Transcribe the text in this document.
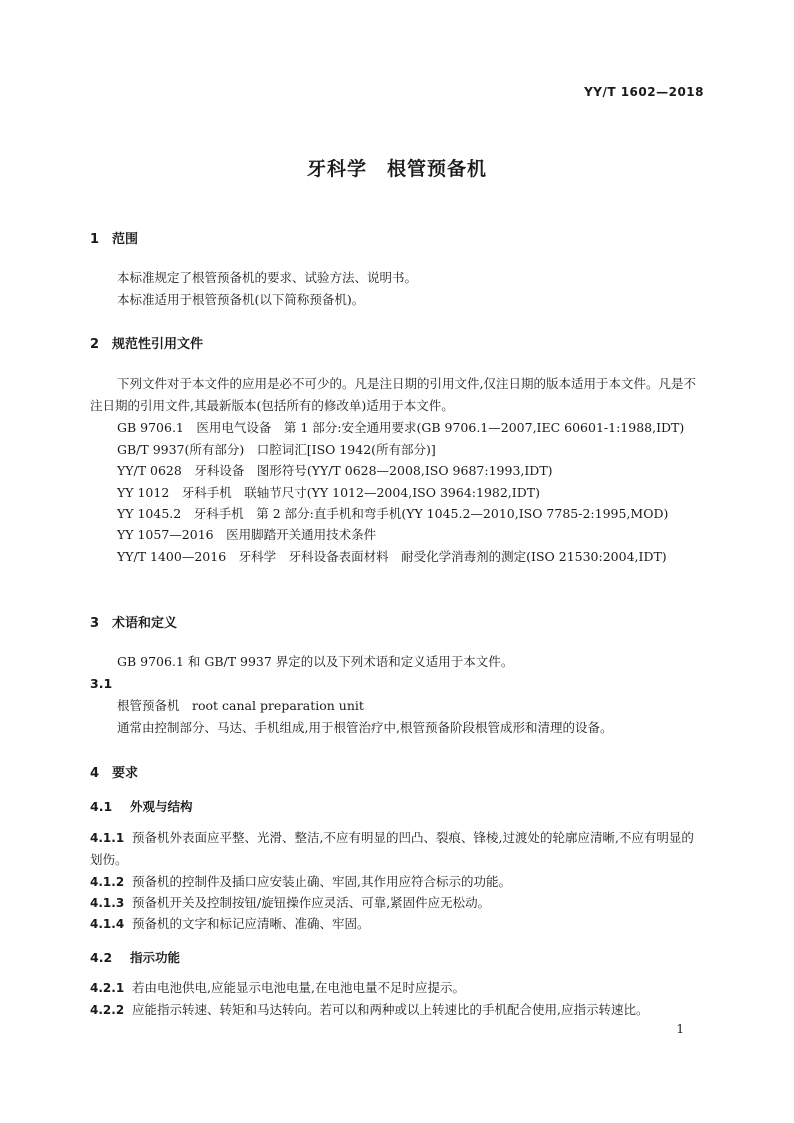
YY/T 1602—2018
牙科学　根管预备机
1 范围
本标准规定了根管预备机的要求、试验方法、说明书。
本标准适用于根管预备机(以下简称预备机)。
2 规范性引用文件
下列文件对于本文件的应用是必不可少的。凡是注日期的引用文件,仅注日期的版本适用于本文件。凡是不注日期的引用文件,其最新版本(包括所有的修改单)适用于本文件。
GB 9706.1　医用电气设备　第 1 部分:安全通用要求(GB 9706.1—2007,IEC 60601-1:1988,IDT)
GB/T 9937(所有部分)　口腔词汇[ISO 1942(所有部分)]
YY/T 0628　牙科设备　图形符号(YY/T 0628—2008,ISO 9687:1993,IDT)
YY 1012　牙科手机　联轴节尺寸(YY 1012—2004,ISO 3964:1982,IDT)
YY 1045.2　牙科手机　第 2 部分:直手机和弯手机(YY 1045.2—2010,ISO 7785-2:1995,MOD)
YY 1057—2016　医用脚踏开关通用技术条件
YY/T 1400—2016　牙科学　牙科设备表面材料　耐受化学消毒剂的测定(ISO 21530:2004,IDT)
3 术语和定义
GB 9706.1 和 GB/T 9937 界定的以及下列术语和定义适用于本文件。
3.1
根管预备机　root canal preparation unit
通常由控制部分、马达、手机组成,用于根管治疗中,根管预备阶段根管成形和清理的设备。
4 要求
4.1 外观与结构
4.1.1 预备机外表面应平整、光滑、整洁,不应有明显的凹凸、裂痕、锋棱,过渡处的轮廓应清晰,不应有明显的划伤。
4.1.2 预备机的控制件及插口应安装止确、牢固,其作用应符合标示的功能。
4.1.3 预备机开关及控制按钮/旋钮操作应灵活、可靠,紧固件应无松动。
4.1.4 预备机的文字和标记应清晰、准确、牢固。
4.2 指示功能
4.2.1 若由电池供电,应能显示电池电量,在电池电量不足时应提示。
4.2.2 应能指示转速、转矩和马达转向。若可以和两种或以上转速比的手机配合使用,应指示转速比。
1
